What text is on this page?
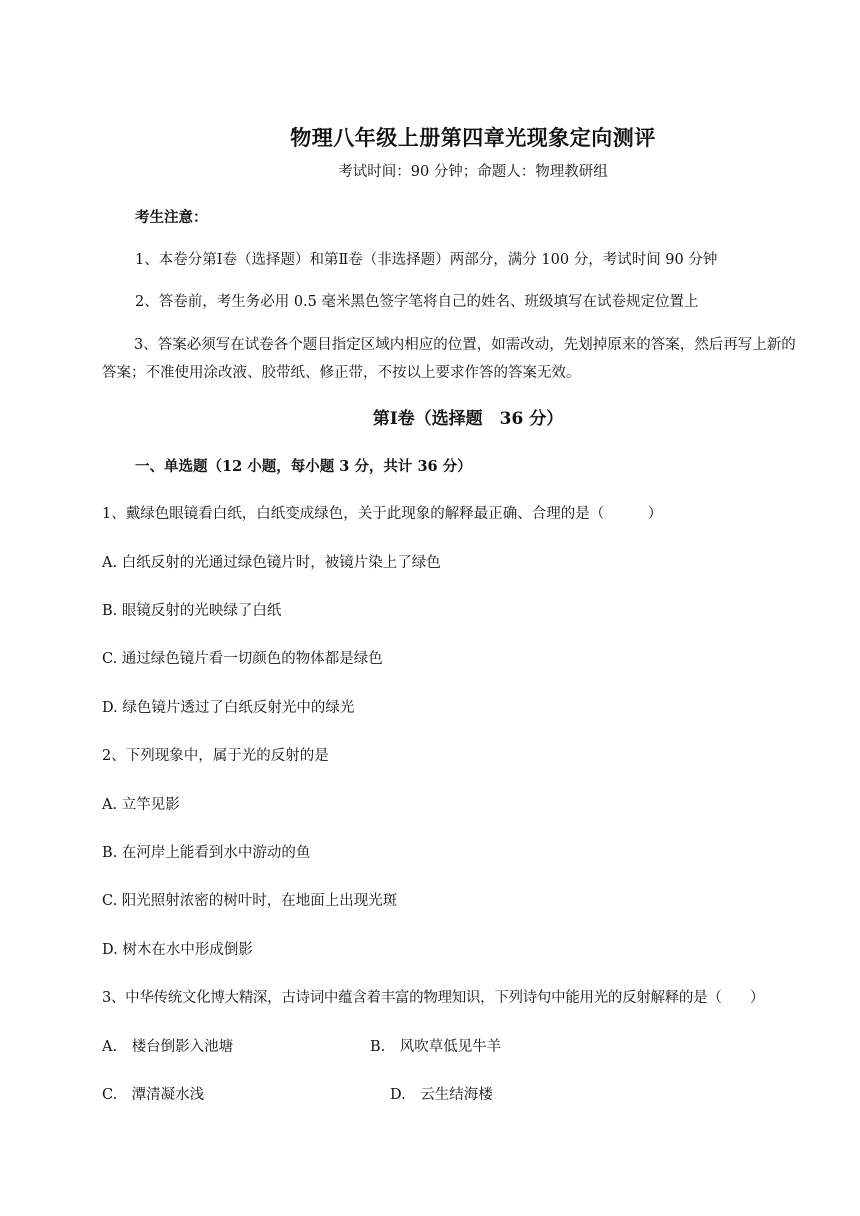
物理八年级上册第四章光现象定向测评
考试时间：90 分钟；命题人：物理教研组
考生注意：
1、本卷分第Ⅰ卷（选择题）和第Ⅱ卷（非选择题）两部分，满分 100 分，考试时间 90 分钟
2、答卷前，考生务必用 0.5 毫米黑色签字笔将自己的姓名、班级填写在试卷规定位置上
3、答案必须写在试卷各个题目指定区域内相应的位置，如需改动，先划掉原来的答案，然后再写上新的答案；不准使用涂改液、胶带纸、修正带，不按以上要求作答的答案无效。
第Ⅰ卷（选择题　36 分）
一、单选题（12 小题，每小题 3 分，共计 36 分）
1、戴绿色眼镜看白纸，白纸变成绿色，关于此现象的解释最正确、合理的是（　　　）
A. 白纸反射的光通过绿色镜片时，被镜片染上了绿色
B. 眼镜反射的光映绿了白纸
C. 通过绿色镜片看一切颜色的物体都是绿色
D. 绿色镜片透过了白纸反射光中的绿光
2、下列现象中，属于光的反射的是
A. 立竿见影
B. 在河岸上能看到水中游动的鱼
C. 阳光照射浓密的树叶时，在地面上出现光斑
D. 树木在水中形成倒影
3、中华传统文化博大精深，古诗词中蕴含着丰富的物理知识，下列诗句中能用光的反射解释的是（　　）
A.　楼台倒影入池塘	B.　风吹草低见牛羊
C.　潭清凝水浅	D.　云生结海楼
